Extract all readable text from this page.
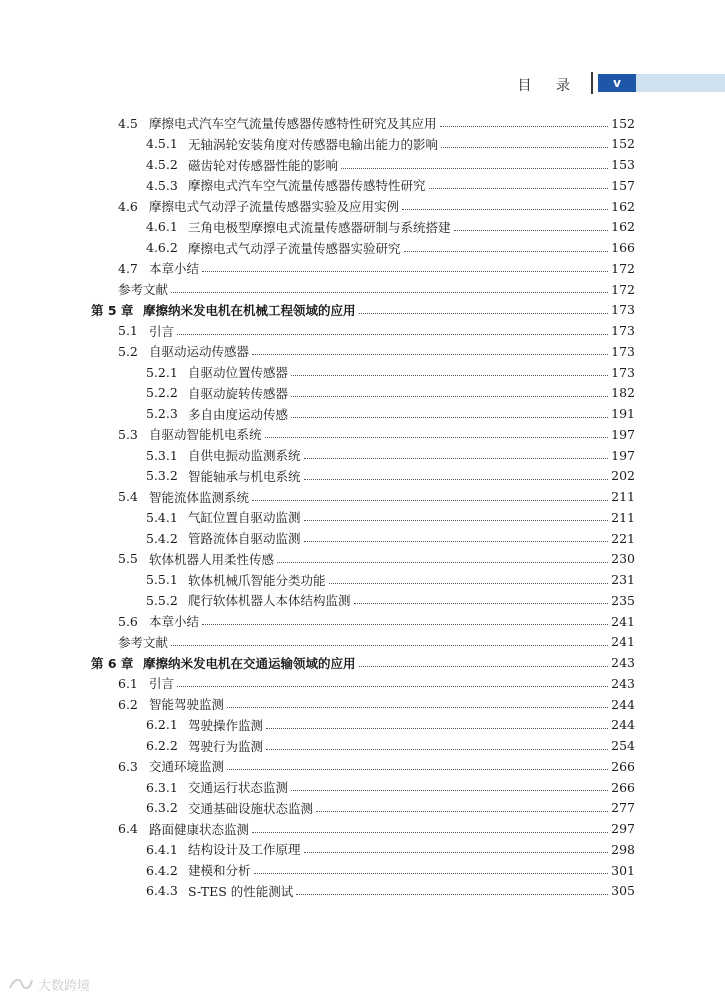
目 录	v
4.5 摩擦电式汽车空气流量传感器传感特性研究及其应用	152
4.5.1 无轴涡轮安装角度对传感器电输出能力的影响	152
4.5.2 磁齿轮对传感器性能的影响	153
4.5.3 摩擦电式汽车空气流量传感器传感特性研究	157
4.6 摩擦电式气动浮子流量传感器实验及应用实例	162
4.6.1 三角电极型摩擦电式流量传感器研制与系统搭建	162
4.6.2 摩擦电式气动浮子流量传感器实验研究	166
4.7 本章小结	172
参考文献	172
第 5 章 摩擦纳米发电机在机械工程领域的应用	173
5.1 引言	173
5.2 自驱动运动传感器	173
5.2.1 自驱动位置传感器	173
5.2.2 自驱动旋转传感器	182
5.2.3 多自由度运动传感	191
5.3 自驱动智能机电系统	197
5.3.1 自供电振动监测系统	197
5.3.2 智能轴承与机电系统	202
5.4 智能流体监测系统	211
5.4.1 气缸位置自驱动监测	211
5.4.2 管路流体自驱动监测	221
5.5 软体机器人用柔性传感	230
5.5.1 软体机械爪智能分类功能	231
5.5.2 爬行软体机器人本体结构监测	235
5.6 本章小结	241
参考文献	241
第 6 章 摩擦纳米发电机在交通运输领域的应用	243
6.1 引言	243
6.2 智能驾驶监测	244
6.2.1 驾驶操作监测	244
6.2.2 驾驶行为监测	254
6.3 交通环境监测	266
6.3.1 交通运行状态监测	266
6.3.2 交通基础设施状态监测	277
6.4 路面健康状态监测	297
6.4.1 结构设计及工作原理	298
6.4.2 建模和分析	301
6.4.3 S-TES 的性能测试	305
大数跨境
